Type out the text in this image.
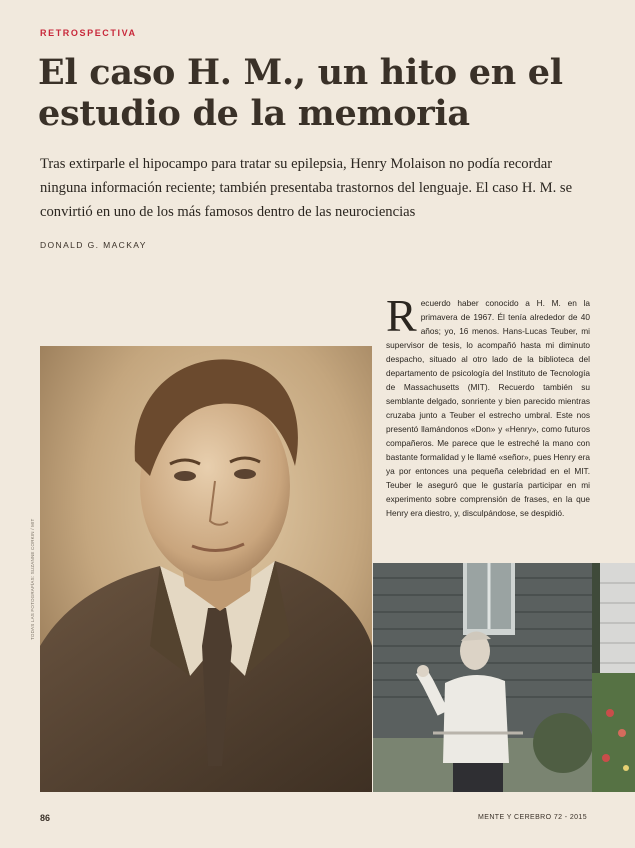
RETROSPECTIVA
El caso H. M., un hito en el estudio de la memoria

Tras extirparle el hipocampo para tratar su epilepsia, Henry Molaison no podía recordar ninguna información reciente; también presentaba trastornos del lenguaje. El caso H. M. se convirtió en uno de los más famosos dentro de las neurociencias

DONALD G. MACKAY
Recuerdo haber conocido a H. M. en la primavera de 1967. Él tenía alrededor de 40 años; yo, 16 menos. Hans-Lucas Teuber, mi supervisor de tesis, lo acompañó hasta mi diminuto despacho, situado al otro lado de la biblioteca del departamento de psicología del Instituto de Tecnología de Massachusetts (MIT). Recuerdo también su semblante delgado, sonriente y bien parecido mientras cruzaba junto a Teuber el estrecho umbral. Este nos presentó llamándonos «Don» y «Henry», como futuros compañeros. Me parece que le estreché la mano con bastante formalidad y le llamé «señor», pues Henry era ya por entonces una pequeña celebridad en el MIT. Teuber le aseguró que le gustaría participar en mi experimento sobre comprensión de frases, en la que Henry era diestro, y, disculpándose, se despidió.
TODAS LAS FOTOGRAFÍAS: SUZANNE CORKIN / MIT
86	MENTE Y CEREBRO 72 - 2015
